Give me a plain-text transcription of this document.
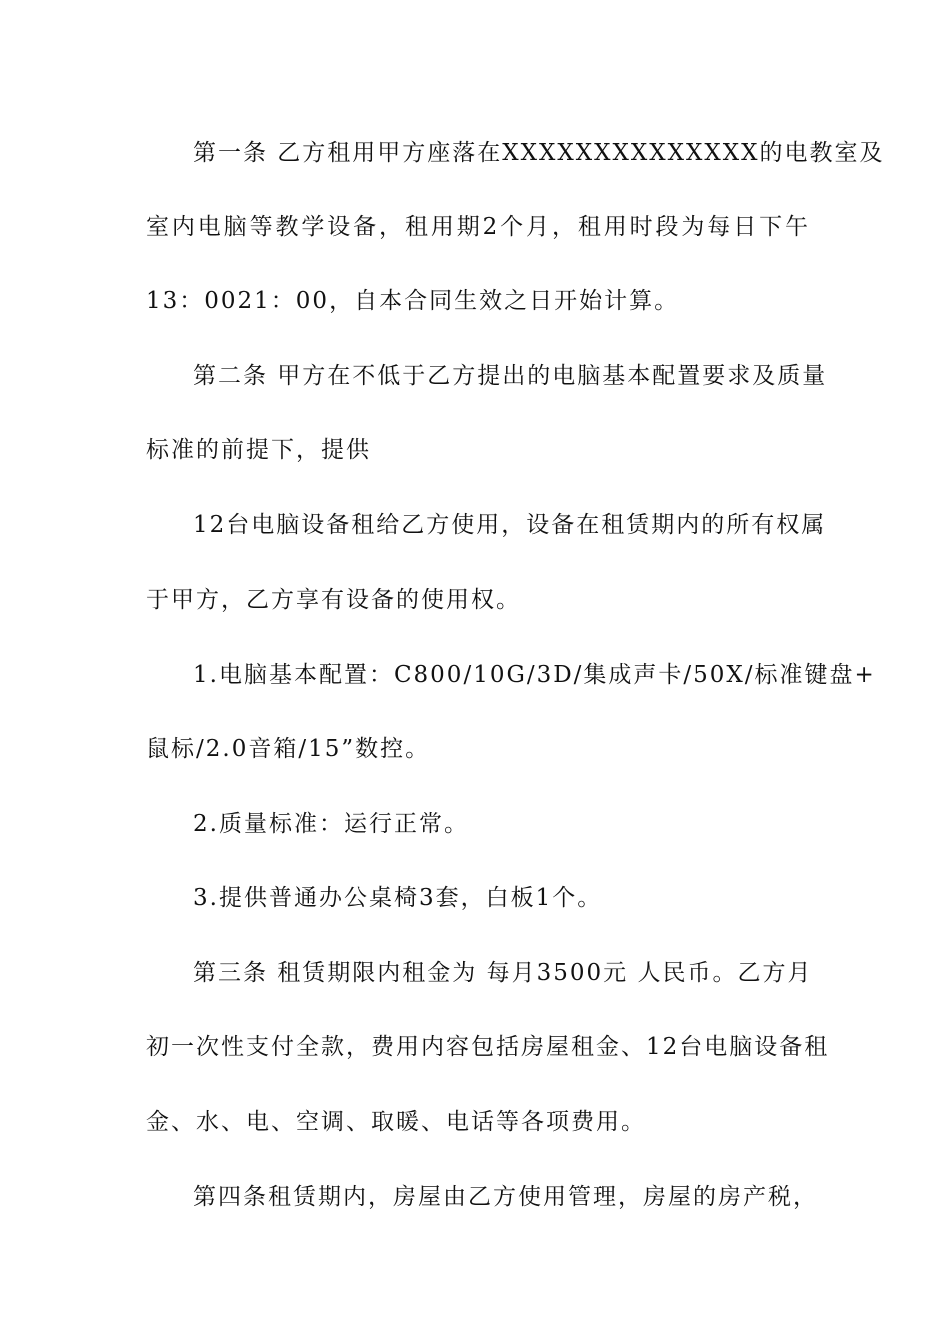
第一条 乙方租用甲方座落在XXXXXXXXXXXXXX的电教室及
室内电脑等教学设备，租用期2个月，租用时段为每日下午
13：0021：00，自本合同生效之日开始计算。
第二条 甲方在不低于乙方提出的电脑基本配置要求及质量
标准的前提下，提供
12台电脑设备租给乙方使用，设备在租赁期内的所有权属
于甲方，乙方享有设备的使用权。
1.电脑基本配置：C800/10G/3D/集成声卡/50X/标准键盘+
鼠标/2.0音箱/15”数控。
2.质量标准：运行正常。
3.提供普通办公桌椅3套，白板1个。
第三条 租赁期限内租金为 每月3500元 人民币。乙方月
初一次性支付全款，费用内容包括房屋租金、12台电脑设备租
金、水、电、空调、取暖、电话等各项费用。
第四条租赁期内，房屋由乙方使用管理，房屋的房产税，
